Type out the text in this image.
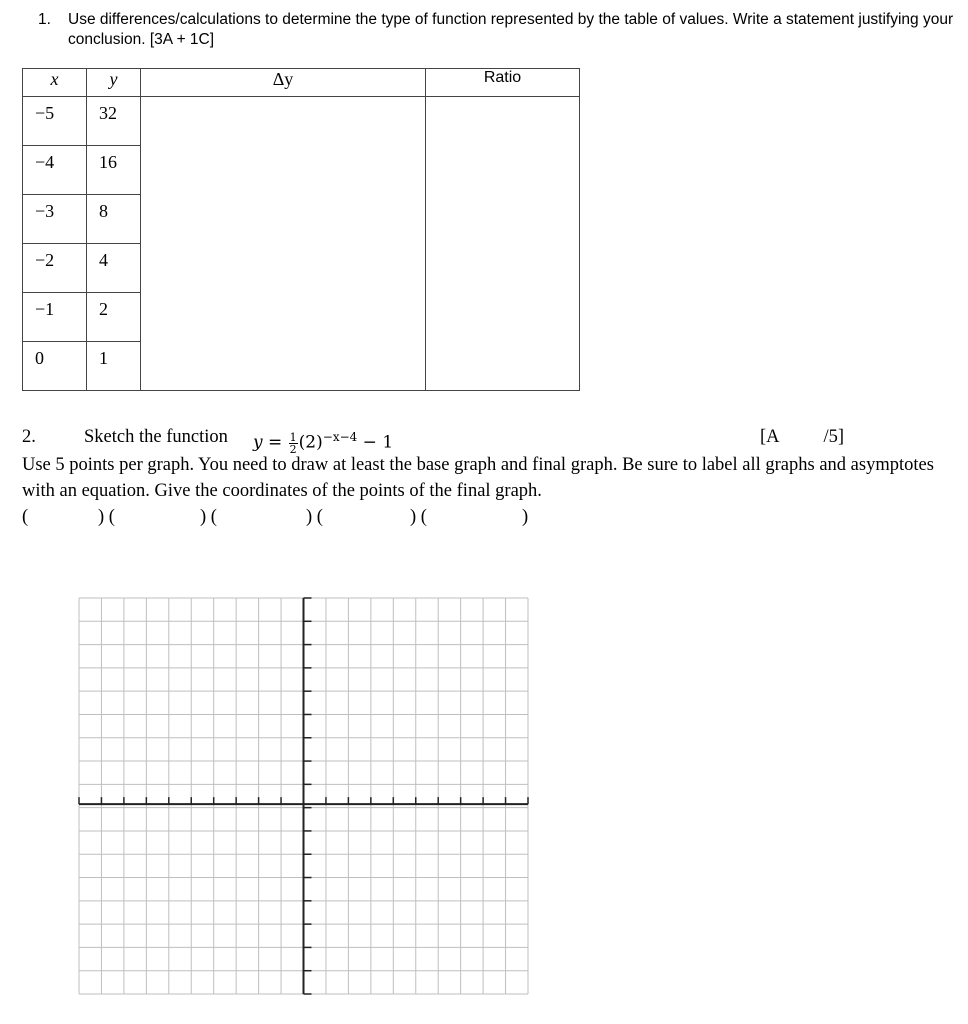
1. Use differences/calculations to determine the type of function represented by the table of values. Write a statement justifying your conclusion. [3A + 1C]
x	y	Δy	Ratio
−5	32		
−4	16		
−3	8		
−2	4		
−1	2		
0	1		
2.	Sketch the function $y = \frac{1}{2} (2)^{-x-4} - 1$	[A /5]
Use 5 points per graph. You need to draw at least the base graph and final graph. Be sure to label all graphs and asymptotes with an equation. Give the coordinates of the points of the final graph.
(	) (	) (	) (	) (	)
